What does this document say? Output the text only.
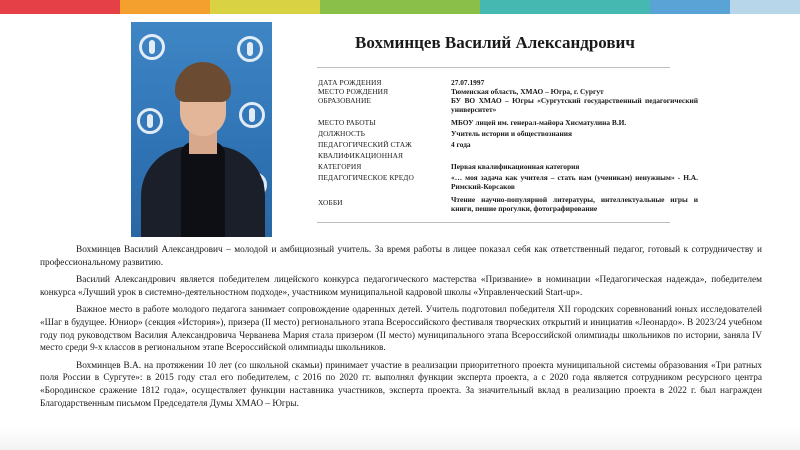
Вохминцев Василий Александрович
ДАТА РОЖДЕНИЯ	27.07.1997
МЕСТО РОЖДЕНИЯ	Тюменская область, ХМАО – Югра, г. Сургут
ОБРАЗОВАНИЕ	БУ ВО ХМАО – Югры «Сургутский государственный педагогический университет»
МЕСТО РАБОТЫ	МБОУ лицей им. генерал-майора Хисматулина В.И.
ДОЛЖНОСТЬ	Учитель истории и обществознания
ПЕДАГОГИЧЕСКИЙ СТАЖ	4 года
КВАЛИФИКАЦИОННАЯ
КАТЕГОРИЯ	Первая квалификационная категория
ПЕДАГОГИЧЕСКОЕ КРЕДО	«… моя задача как учителя – стать нам (ученикам) ненужным» - Н.А. Римский-Корсаков
ХОББИ	Чтение научно-популярной литературы, интеллектуальные игры и книги, пешие прогулки, фотографирование

Вохминцев Василий Александрович – молодой и амбициозный учитель. За время работы в лицее показал себя как ответственный педагог, готовый к сотрудничеству и профессиональному развитию.

Василий Александрович является победителем лицейского конкурса педагогического мастерства «Призвание» в номинации «Педагогическая надежда», победителем конкурса «Лучший урок в системно-деятельностном подходе», участником муниципальной кадровой школы «Управленческий Start-up».

Важное место в работе молодого педагога занимает сопровождение одаренных детей. Учитель подготовил победителя XII городских соревнований юных исследователей «Шаг в будущее. Юниор» (секция «История»), призера (II место) регионального этапа Всероссийского фестиваля творческих открытий и инициатив «Леонардо». В 2023/24 учебном году под руководством Василия Александровича Черванева Мария стала призером (II место) муниципального этапа Всероссийской олимпиады школьников по истории, заняла IV место среди 9-х классов в региональном этапе Всероссийской олимпиады школьников.

Вохминцев В.А. на протяжении 10 лет (со школьной скамьи) принимает участие в реализации приоритетного проекта муниципальной системы образования «Три ратных поля России в Сургуте»: в 2015 году стал его победителем, с 2016 по 2020 гг. выполнял функции эксперта проекта, а с 2020 года является сотрудником ресурсного центра «Бородинское сражение 1812 года», осуществляет функции наставника участников, эксперта проекта. За значительный вклад в реализацию проекта в 2022 г. был награжден Благодарственным письмом Председателя Думы ХМАО – Югры.
